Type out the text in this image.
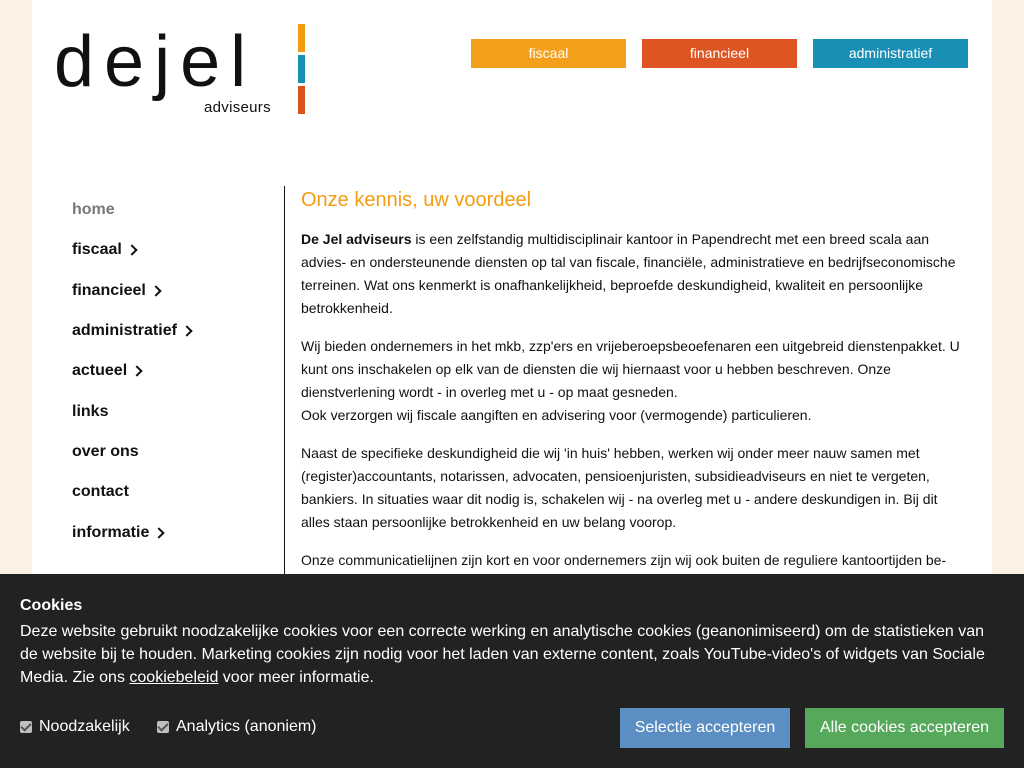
dejel
adviseurs
fiscaal	financieel	administratief
home
fiscaal
financieel
administratief
actueel
links
over ons
contact
informatie
Onze kennis, uw voordeel

De Jel adviseurs is een zelfstandig multidisciplinair kantoor in Papendrecht met een breed scala aan advies- en ondersteunende diensten op tal van fiscale, financiële, administratieve en bedrijfseconomische terreinen. Wat ons kenmerkt is onafhankelijkheid, beproefde deskundigheid, kwaliteit en persoonlijke betrokkenheid.

Wij bieden ondernemers in het mkb, zzp'ers en vrijeberoepsbeoefenaren een uitgebreid dienstenpakket. U kunt ons inschakelen op elk van de diensten die wij hiernaast voor u hebben beschreven. Onze dienstverlening wordt - in overleg met u - op maat gesneden.
Ook verzorgen wij fiscale aangiften en advisering voor (vermogende) particulieren.

Naast de specifieke deskundigheid die wij 'in huis' hebben, werken wij onder meer nauw samen met (register)accountants, notarissen, advocaten, pensioenjuristen, subsidieadviseurs en niet te vergeten, bankiers. In situaties waar dit nodig is, schakelen wij - na overleg met u - andere deskundigen in. Bij dit alles staan persoonlijke betrokkenheid en uw belang voorop.

Onze communicatielijnen zijn kort en voor ondernemers zijn wij ook buiten de reguliere kantoortijden be-

Cookies
Deze website gebruikt noodzakelijke cookies voor een correcte werking en analytische cookies (geanonimiseerd) om de statistieken van de website bij te houden. Marketing cookies zijn nodig voor het laden van externe content, zoals YouTube-video's of widgets van Sociale Media. Zie ons cookiebeleid voor meer informatie.
Noodzakelijk	Analytics (anoniem)	Selectie accepteren	Alle cookies accepteren
